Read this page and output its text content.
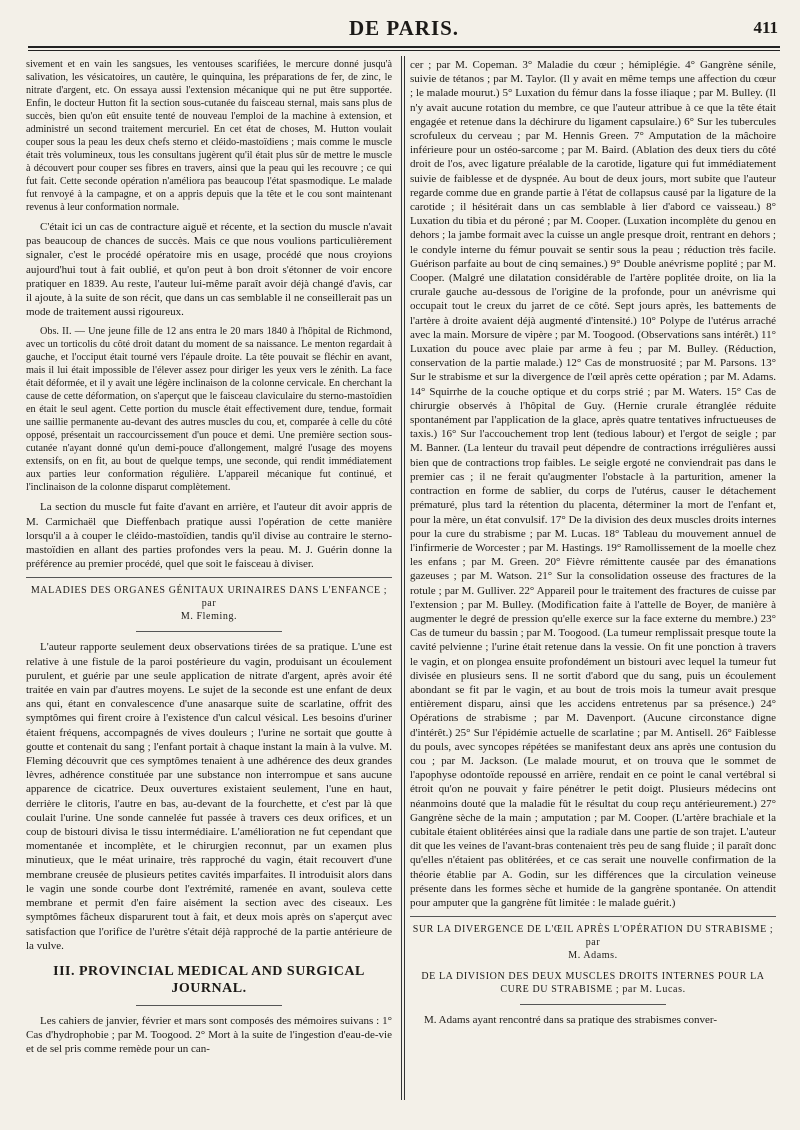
DE PARIS.	411

sivement et en vain les sangsues, les ventouses scarifiées, le mercure donné jusqu'à salivation, les vésicatoires, un cautère, le quinquina, les préparations de fer, de zinc, le nitrate d'argent, etc. On essaya aussi l'extension mécanique qui ne put être supportée. Enfin, le docteur Hutton fit la section sous-cutanée du faisceau sternal, mais sans plus de succès, bien qu'on eût ensuite tenté de nouveau l'emploi de la machine à extension, et administré un second traitement mercuriel. En cet état de choses, M. Hutton voulait couper sous la peau les deux chefs sterno et cléido-mastoïdiens ; mais comme le muscle était très volumineux, tous les consultans jugèrent qu'il était plus sûr de mettre le muscle à découvert pour couper ses fibres en travers, ainsi que la peau qui les recouvre ; ce qui fut fait. Cette seconde opération n'améliora pas beaucoup l'état spasmodique. Le malade fut renvoyé à la campagne, et on a appris depuis que la tête et le cou sont maintenant revenus à leur conformation normale.

C'était ici un cas de contracture aiguë et récente, et la section du muscle n'avait pas beaucoup de chances de succès. Mais ce que nous voulions particulièrement signaler, c'est le procédé opératoire mis en usage, procédé que nous croyions aujourd'hui tout à fait oublié, et qu'on peut à bon droit s'étonner de voir encore pratiquer en 1839. Au reste, l'auteur lui-même paraît avoir déjà changé d'avis, car il ajoute, à la suite de son récit, que dans un cas semblable il ne conseillerait pas un mode de traitement aussi rigoureux.

Obs. II. — Une jeune fille de 12 ans entra le 20 mars 1840 à l'hôpital de Richmond, avec un torticolis du côté droit datant du moment de sa naissance. Le menton regardait à gauche, et l'occiput était tourné vers l'épaule droite. La tête pouvait se fléchir en avant, mais il lui était impossible de l'élever assez pour diriger les yeux vers le zénith. La face était déformée, et il y avait une légère inclinaison de la colonne cervicale. En cherchant la cause de cette déformation, on s'aperçut que le faisceau claviculaire du sterno-mastoïdien en était le seul agent. Cette portion du muscle était effectivement dure, tendue, formait une saillie permanente au-devant des autres muscles du cou, et, comparée à celle du côté opposé, présentait un raccourcissement d'un pouce et demi. Une première section sous-cutanée n'ayant donné qu'un demi-pouce d'allongement, malgré l'usage des moyens extensifs, on en fit, au bout de quelque temps, une seconde, qui rendit immédiatement aux parties leur conformation régulière. L'appareil mécanique fut continué, et l'inclinaison de la colonne disparut complètement.

La section du muscle fut faite d'avant en arrière, et l'auteur dit avoir appris de M. Carmichaël que Dieffenbach pratique aussi l'opération de cette manière lorsqu'il a à couper le cléido-mastoïdien, tandis qu'il divise au contraire le sterno-mastoïdien en allant des parties profondes vers la peau. M. J. Guérin donne la préférence au premier procédé, quel que soit le faisceau à diviser.

MALADIES DES ORGANES GÉNITAUX URINAIRES DANS L'ENFANCE ; par
M. Fleming.

L'auteur rapporte seulement deux observations tirées de sa pratique. L'une est relative à une fistule de la paroi postérieure du vagin, produisant un écoulement purulent, et guérie par une seule application de nitrate d'argent, après avoir été traitée en vain par d'autres moyens. Le sujet de la seconde est une enfant de deux ans qui, étant en convalescence d'une anasarque suite de scarlatine, offrit des symptômes qui firent croire à l'existence d'un calcul vésical. Les besoins d'uriner étaient fréquens, accompagnés de vives douleurs ; l'urine ne sortait que goutte à goutte et contenait du sang ; l'enfant portait à chaque instant la main à la vulve. M. Fleming découvrit que ces symptômes tenaient à une adhérence des deux grandes lèvres, adhérence constituée par une substance non interrompue et sans aucune apparence de cicatrice. Deux ouvertures existaient seulement, l'une en haut, derrière le clitoris, l'autre en bas, au-devant de la fourchette, et c'est par là que coulait l'urine. Une sonde cannelée fut passée à travers ces deux orifices, et un coup de bistouri divisa le tissu intermédiaire. L'amélioration ne fut cependant que momentanée et incomplète, et le chirurgien reconnut, par un examen plus minutieux, que le méat urinaire, très rapproché du vagin, était recouvert d'une membrane creusée de plusieurs petites cavités imparfaites. Il introduisit alors dans le vagin une sonde courbe dont l'extrémité, ramenée en avant, souleva cette membrane et permit d'en faire aisément la section avec des ciseaux. Les symptômes fâcheux disparurent tout à fait, et deux mois après on s'aperçut avec satisfaction que l'orifice de l'urètre s'était déjà rapproché de la partie antérieure de la vulve.

III. PROVINCIAL MEDICAL AND SURGICAL JOURNAL.

Les cahiers de janvier, février et mars sont composés des mémoires suivans : 1° Cas d'hydrophobie ; par M. Toogood. 2° Mort à la suite de l'ingestion d'eau-de-vie et de sel pris comme remède pour un can-

cer ; par M. Copeman. 3° Maladie du cœur ; hémiplégie. 4° Gangrène sénile, suivie de tétanos ; par M. Taylor. (Il y avait en même temps une affection du cœur ; le malade mourut.) 5° Luxation du fémur dans la fosse iliaque ; par M. Bulley. (Il n'y avait aucune rotation du membre, ce que l'auteur attribue à ce que la tête était engagée et retenue dans la déchirure du ligament capsulaire.) 6° Sur les tubercules scrofuleux du cerveau ; par M. Hennis Green. 7° Amputation de la mâchoire inférieure pour un ostéo-sarcome ; par M. Baird. (Ablation des deux tiers du côté droit de l'os, avec ligature préalable de la carotide, ligature qui fut immédiatement suivie de faiblesse et de dyspnée. Au bout de deux jours, mort subite que l'auteur regarde comme due en grande partie à l'état de collapsus causé par la ligature de la carotide ; il hésitérait dans un cas semblable à lier d'abord ce vaisseau.) 8° Luxation du tibia et du péroné ; par M. Cooper. (Luxation incomplète du genou en dehors ; la jambe formait avec la cuisse un angle presque droit, rentrant en dehors ; le condyle interne du fémur pouvait se sentir sous la peau ; réduction très facile. Guérison parfaite au bout de cinq semaines.) 9° Double anévrisme poplité ; par M. Cooper. (Malgré une dilatation considérable de l'artère poplitée droite, on lia la crurale gauche au-dessous de l'origine de la profonde, pour un anévrisme qui occupait tout le creux du jarret de ce côté. Sept jours après, les battements de l'artère à droite avaient déjà augmenté d'intensité.) 10° Polype de l'utérus arraché avec la main. Morsure de vipère ; par M. Toogood. (Observations sans intérêt.) 11° Luxation du pouce avec plaie par arme à feu ; par M. Bulley. (Réduction, conservation de la partie malade.) 12° Cas de monstruosité ; par M. Parsons. 13° Sur le strabisme et sur la divergence de l'œil après cette opération ; par M. Adams. 14° Squirrhe de la couche optique et du corps strié ; par M. Waters. 15° Cas de chirurgie observés à l'hôpital de Guy. (Hernie crurale étranglée réduite spontanément par l'application de la glace, après quatre tentatives infructueuses de taxis.) 16° Sur l'accouchement trop lent (tedious labour) et l'ergot de seigle ; par M. Banner. (La lenteur du travail peut dépendre de contractions irrégulières aussi bien que de contractions trop faibles. Le seigle ergoté ne conviendrait pas dans le premier cas ; il ne ferait qu'augmenter l'obstacle à la parturition, amener la contraction en forme de sablier, du corps de l'utérus, causer le détachement prématuré, plus tard la rétention du placenta, déterminer la mort de l'enfant et, pour la mère, un état convulsif. 17° De la division des deux muscles droits internes pour la cure du strabisme ; par M. Lucas. 18° Tableau du mouvement annuel de l'infirmerie de Worcester ; par M. Hastings. 19° Ramollissement de la moelle chez les enfans ; par M. Green. 20° Fièvre rémittente causée par des émanations gazeuses ; par M. Watson. 21° Sur la consolidation osseuse des fractures de la rotule ; par M. Gulliver. 22° Appareil pour le traitement des fractures de cuisse par l'extension ; par M. Bulley. (Modification faite à l'attelle de Boyer, de manière à augmenter le degré de pression qu'elle exerce sur la face externe du membre.) 23° Cas de tumeur du bassin ; par M. Toogood. (La tumeur remplissait presque toute la cavité pelvienne ; l'urine était retenue dans la vessie. On fit une ponction à travers le vagin, et on plongea ensuite profondément un bistouri avec lequel la tumeur fut divisée en plusieurs sens. Il ne sortit d'abord que du sang, puis un écoulement abondant se fit par le vagin, et au bout de trois mois la tumeur avait presque entièrement disparu, ainsi que les accidens entretenus par sa présence.) 24° Opérations de strabisme ; par M. Davenport. (Aucune circonstance digne d'intérêt.) 25° Sur l'épidémie actuelle de scarlatine ; par M. Antisell. 26° Faiblesse du pouls, avec syncopes répétées se manifestant deux ans après une contusion du cou ; par M. Jackson. (Le malade mourut, et on trouva que le sommet de l'apophyse odontoïde repoussé en arrière, rendait en ce point le canal vertébral si étroit qu'on ne pouvait y faire pénétrer le petit doigt. Plusieurs médecins ont néanmoins douté que la maladie fût le résultat du coup reçu antérieurement.) 27° Gangrène sèche de la main ; amputation ; par M. Cooper. (L'artère brachiale et la cubitale étaient oblitérées ainsi que la radiale dans une partie de son trajet. L'auteur dit que les veines de l'avant-bras contenaient très peu de sang fluide ; il paraît donc qu'elles n'étaient pas oblitérées, et ce cas serait une nouvelle confirmation de la théorie établie par A. Godin, sur les différences que la circulation veineuse présente dans les formes sèche et humide de la gangrène spontanée. On attendit pour amputer que la gangrène fût limitée : le malade guérit.)

SUR LA DIVERGENCE DE L'ŒIL APRÈS L'OPÉRATION DU STRABISME ; par
M. Adams.
DE LA DIVISION DES DEUX MUSCLES DROITS INTERNES POUR LA CURE DU STRABISME ; par M. Lucas.

M. Adams ayant rencontré dans sa pratique des strabismes conver-
